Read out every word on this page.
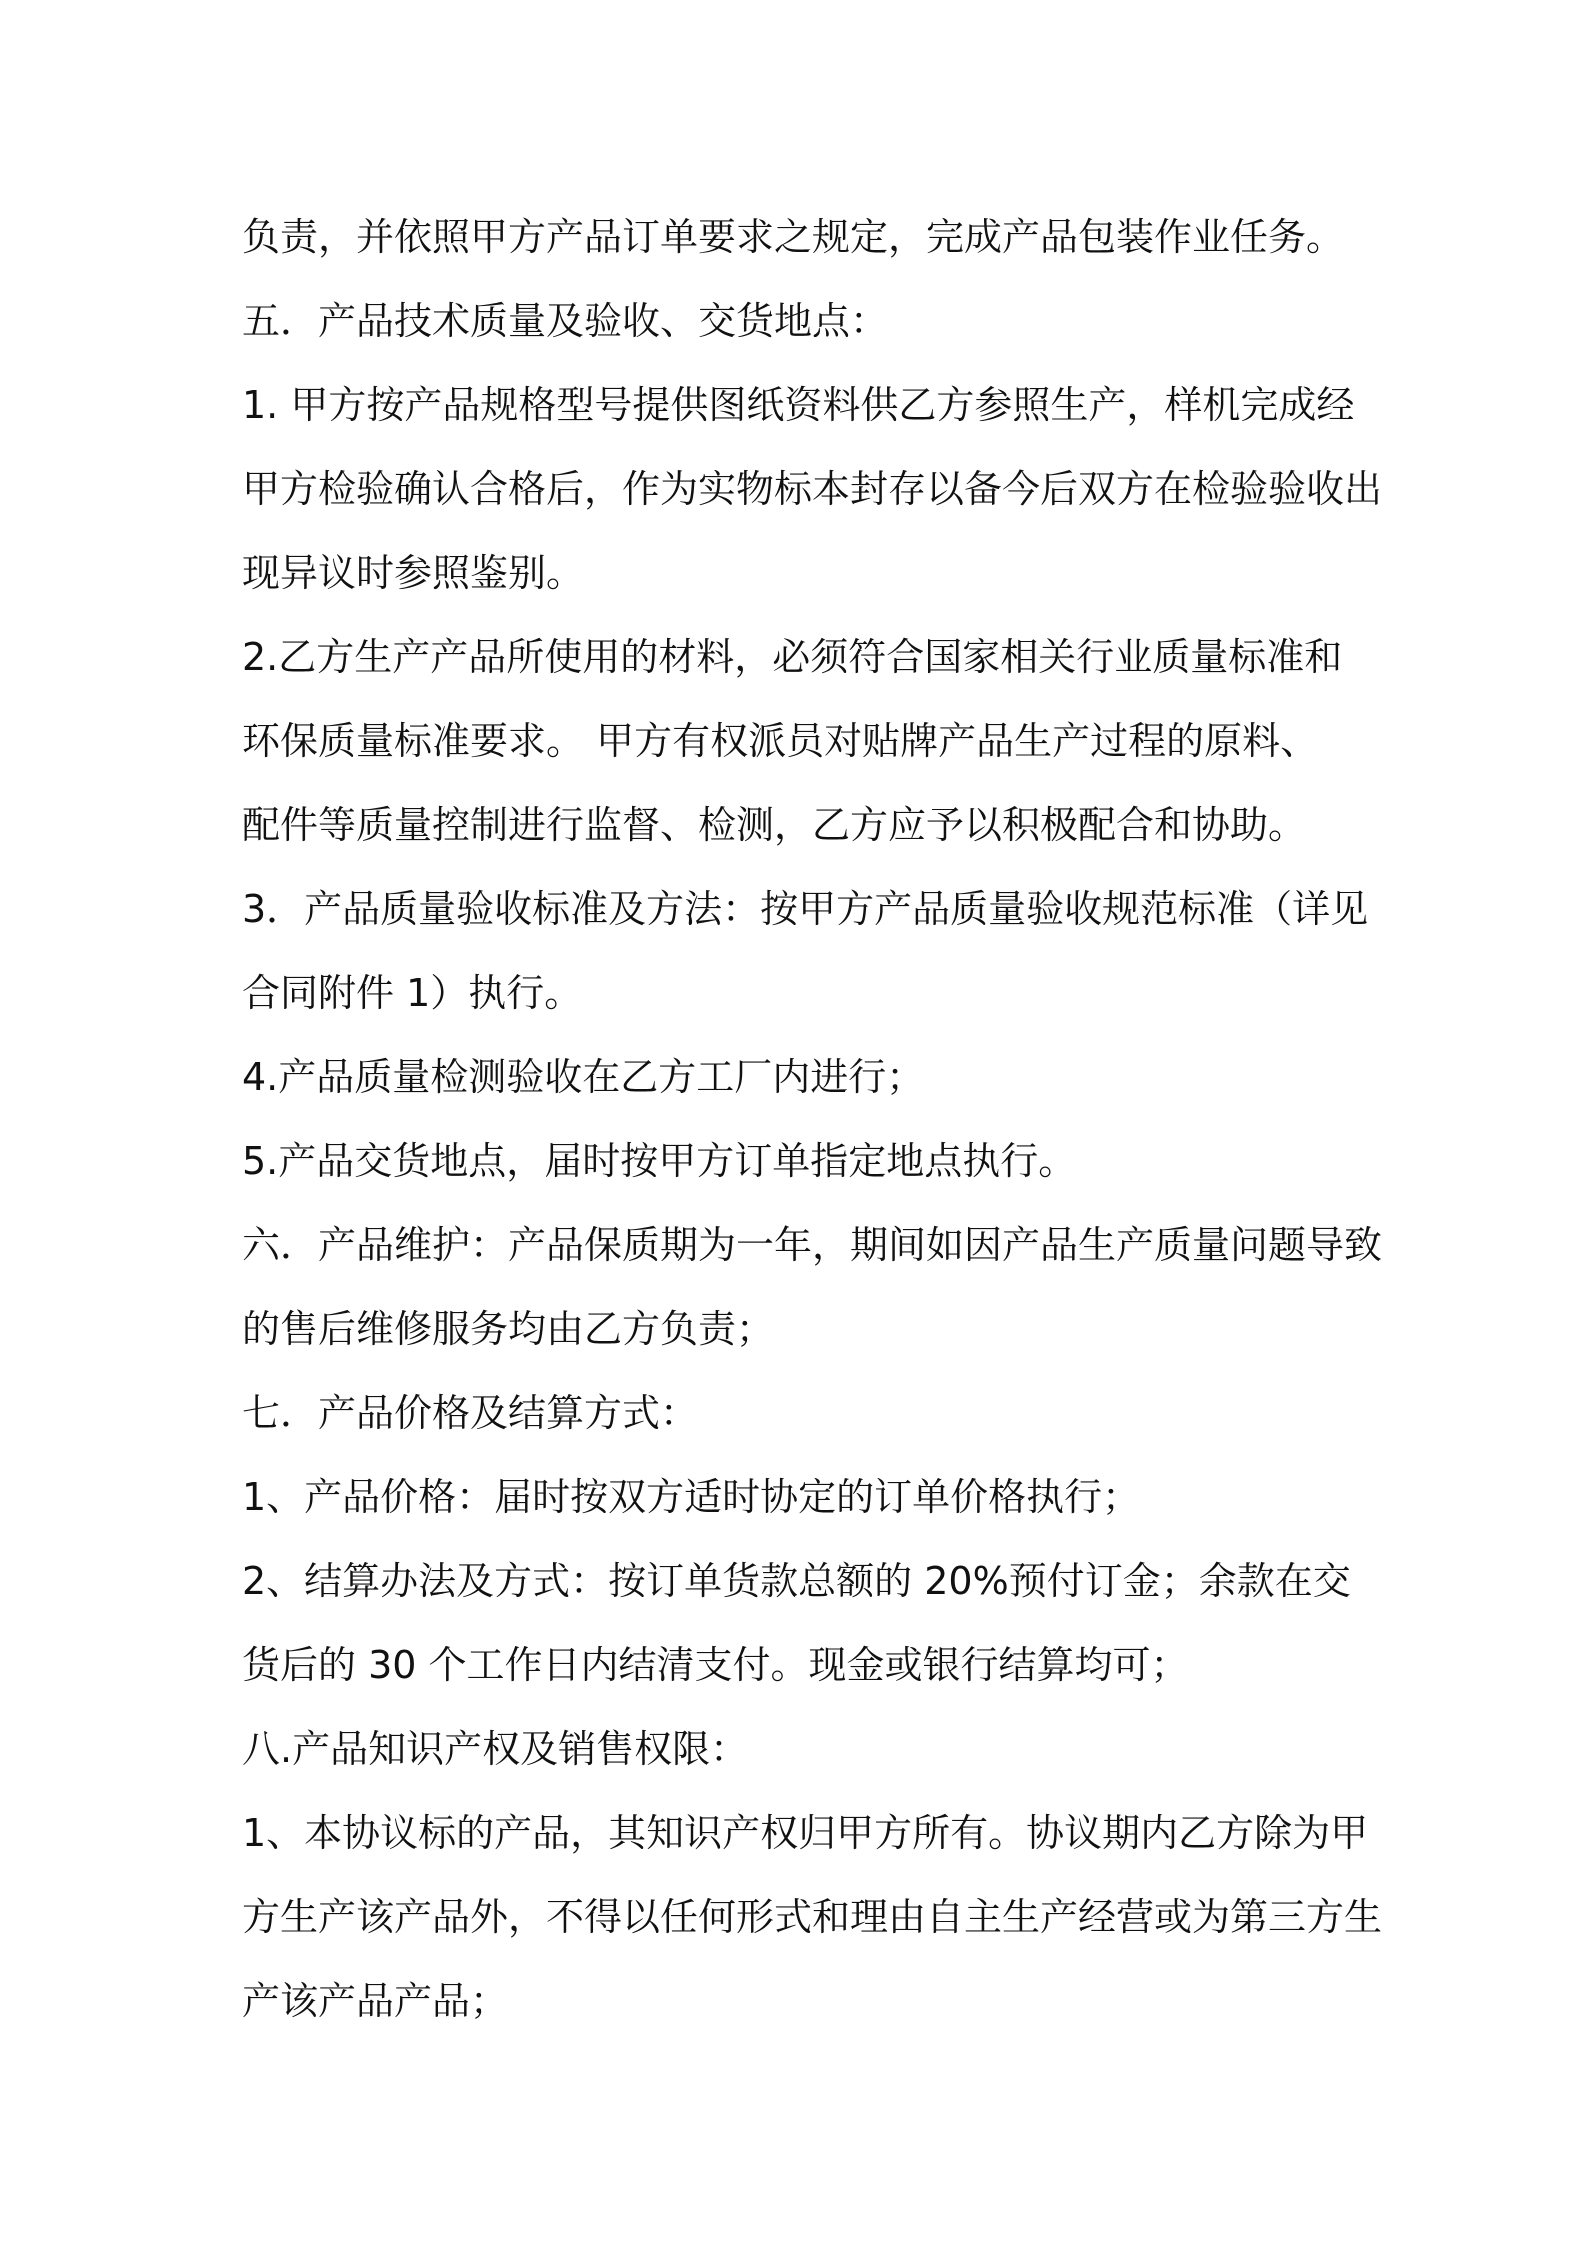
负责，并依照甲方产品订单要求之规定，完成产品包装作业任务。
五．产品技术质量及验收、交货地点：
1. 甲方按产品规格型号提供图纸资料供乙方参照生产，样机完成经
甲方检验确认合格后，作为实物标本封存以备今后双方在检验验收出
现异议时参照鉴别。
2.乙方生产产品所使用的材料，必须符合国家相关行业质量标准和
环保质量标准要求。 甲方有权派员对贴牌产品生产过程的原料、
配件等质量控制进行监督、检测，乙方应予以积极配合和协助。
3．产品质量验收标准及方法：按甲方产品质量验收规范标准（详见
合同附件 1）执行。
4.产品质量检测验收在乙方工厂内进行；
5.产品交货地点，届时按甲方订单指定地点执行。
六．产品维护：产品保质期为一年，期间如因产品生产质量问题导致
的售后维修服务均由乙方负责；
七．产品价格及结算方式：
1、产品价格：届时按双方适时协定的订单价格执行；
2、结算办法及方式：按订单货款总额的 20%预付订金；余款在交
货后的 30 个工作日内结清支付。现金或银行结算均可；
八.产品知识产权及销售权限：
1、本协议标的产品，其知识产权归甲方所有。协议期内乙方除为甲
方生产该产品外，不得以任何形式和理由自主生产经营或为第三方生
产该产品产品；
